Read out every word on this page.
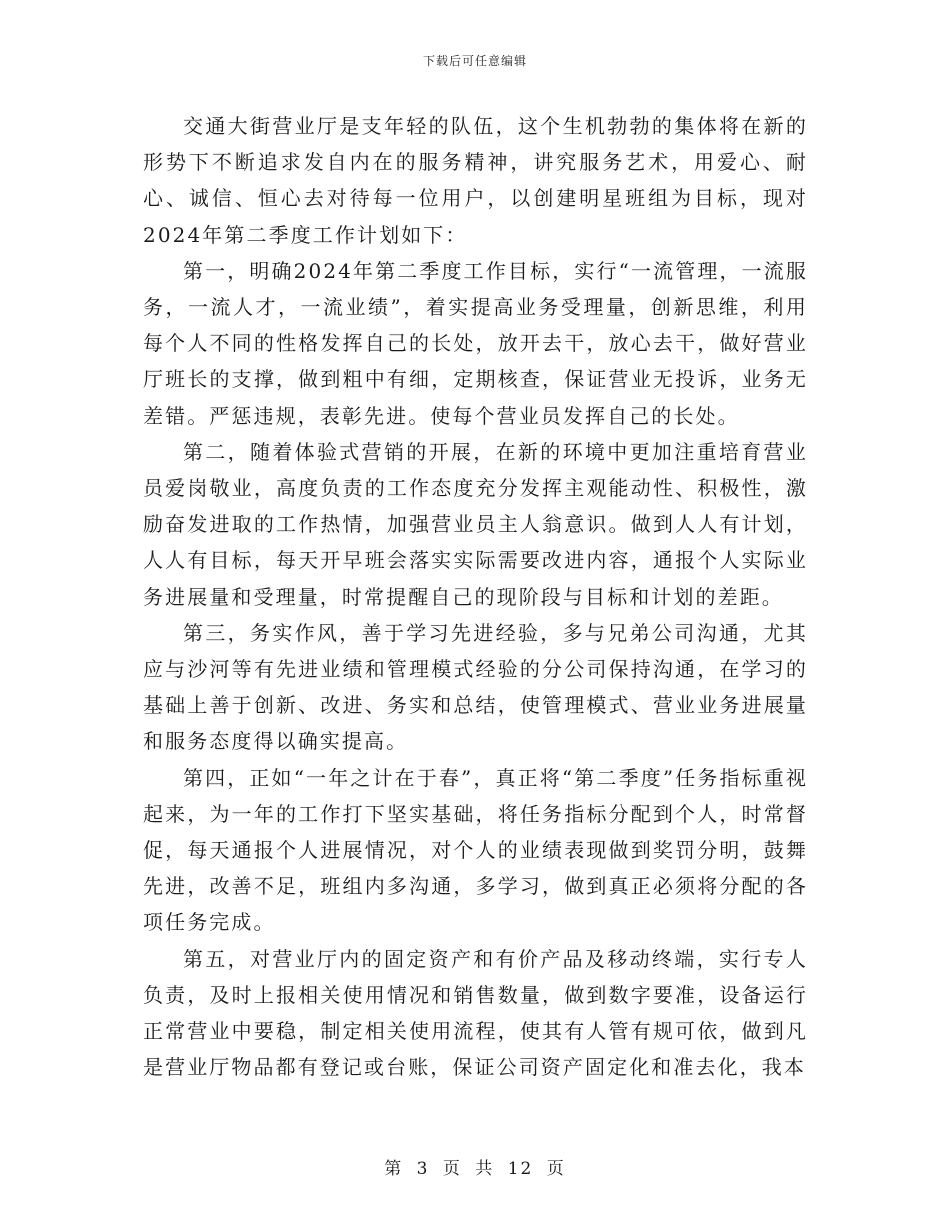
下载后可任意编辑

交通大街营业厅是支年轻的队伍，这个生机勃勃的集体将在新的形势下不断追求发自内在的服务精神，讲究服务艺术，用爱心、耐心、诚信、恒心去对待每一位用户，以创建明星班组为目标，现对2024年第二季度工作计划如下：

第一，明确2024年第二季度工作目标，实行“一流管理，一流服务，一流人才，一流业绩”，着实提高业务受理量，创新思维，利用每个人不同的性格发挥自己的长处，放开去干，放心去干，做好营业厅班长的支撑，做到粗中有细，定期核查，保证营业无投诉，业务无差错。严惩违规，表彰先进。使每个营业员发挥自己的长处。

第二，随着体验式营销的开展，在新的环境中更加注重培育营业员爱岗敬业，高度负责的工作态度充分发挥主观能动性、积极性，激励奋发进取的工作热情，加强营业员主人翁意识。做到人人有计划，人人有目标，每天开早班会落实实际需要改进内容，通报个人实际业务进展量和受理量，时常提醒自己的现阶段与目标和计划的差距。

第三，务实作风，善于学习先进经验，多与兄弟公司沟通，尤其应与沙河等有先进业绩和管理模式经验的分公司保持沟通，在学习的基础上善于创新、改进、务实和总结，使管理模式、营业业务进展量和服务态度得以确实提高。

第四，正如“一年之计在于春”，真正将“第二季度”任务指标重视起来，为一年的工作打下坚实基础，将任务指标分配到个人，时常督促，每天通报个人进展情况，对个人的业绩表现做到奖罚分明，鼓舞先进，改善不足，班组内多沟通，多学习，做到真正必须将分配的各项任务完成。

第五，对营业厅内的固定资产和有价产品及移动终端，实行专人负责，及时上报相关使用情况和销售数量，做到数字要准，设备运行正常营业中要稳，制定相关使用流程，使其有人管有规可依，做到凡是营业厅物品都有登记或台账，保证公司资产固定化和准去化，我本

第 3 页 共 12 页
